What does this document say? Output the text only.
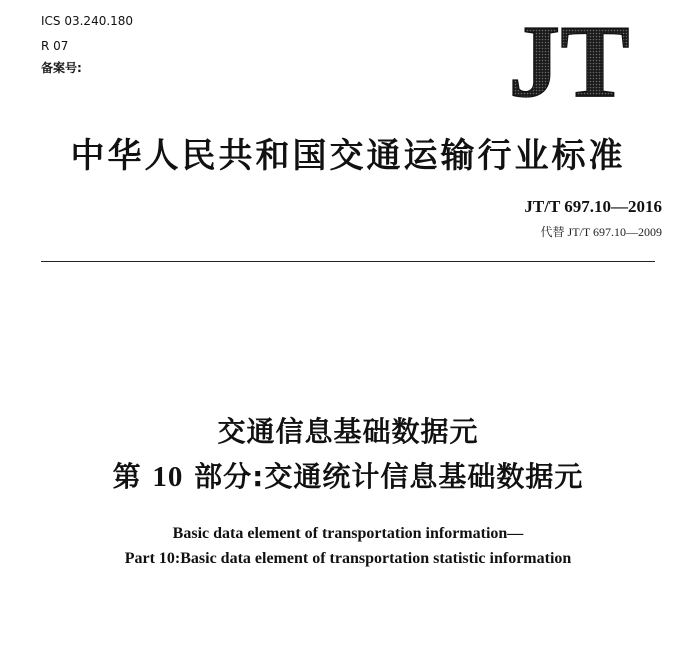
ICS 03.240.180
R 07
备案号:	JT
中华人民共和国交通运输行业标准
JT/T 697.10—2016
代替 JT/T 697.10—2009
交通信息基础数据元
第 10 部分:交通统计信息基础数据元
Basic data element of transportation information—
Part 10:Basic data element of transportation statistic information
